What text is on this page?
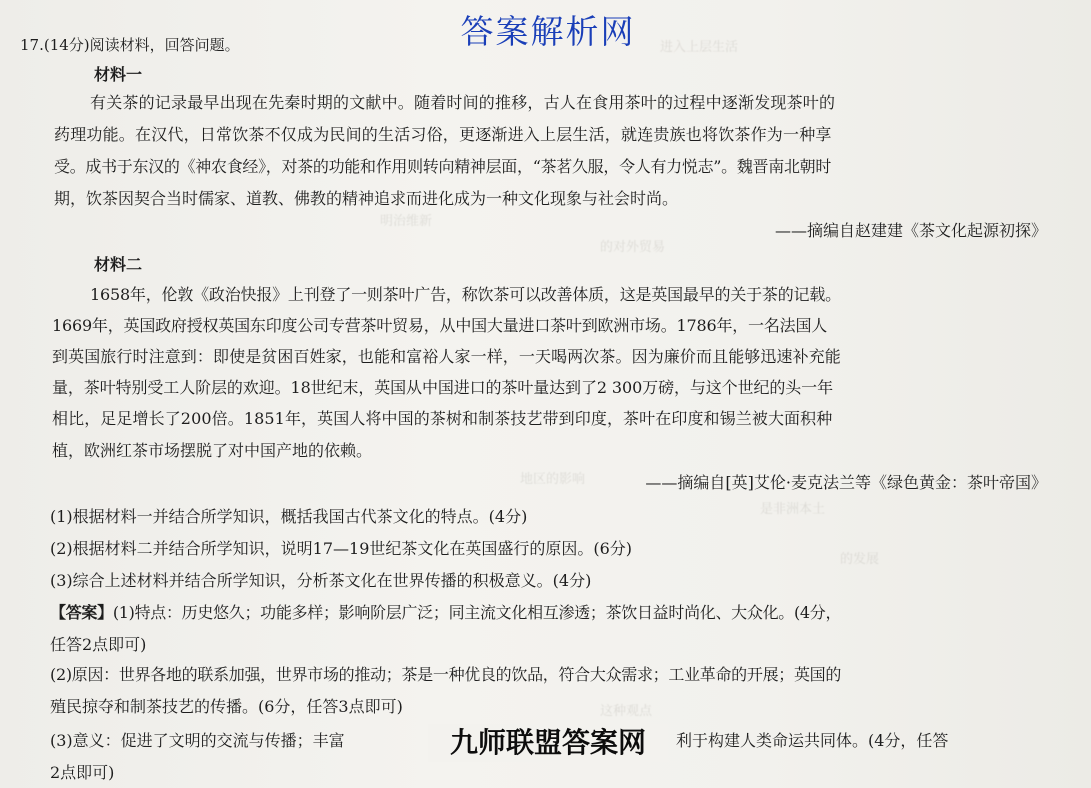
进入上层生活
明治维新
的对外贸易
地区的影响
是非洲本土
的发展
这种观点
17.(14分)阅读材料，回答问题。	答案解析网
材料一
有关茶的记录最早出现在先秦时期的文献中。随着时间的推移，古人在食用茶叶的过程中逐渐发现茶叶的
药理功能。在汉代，日常饮茶不仅成为民间的生活习俗，更逐渐进入上层生活，就连贵族也将饮茶作为一种享
受。成书于东汉的《神农食经》，对茶的功能和作用则转向精神层面，“茶茗久服，令人有力悦志”。魏晋南北朝时
期，饮茶因契合当时儒家、道教、佛教的精神追求而进化成为一种文化现象与社会时尚。
——摘编自赵建建《茶文化起源初探》
材料二
1658年，伦敦《政治快报》上刊登了一则茶叶广告，称饮茶可以改善体质，这是英国最早的关于茶的记载。
1669年，英国政府授权英国东印度公司专营茶叶贸易，从中国大量进口茶叶到欧洲市场。1786年，一名法国人
到英国旅行时注意到：即使是贫困百姓家，也能和富裕人家一样，一天喝两次茶。因为廉价而且能够迅速补充能
量，茶叶特别受工人阶层的欢迎。18世纪末，英国从中国进口的茶叶量达到了2 300万磅，与这个世纪的头一年
相比，足足增长了200倍。1851年，英国人将中国的茶树和制茶技艺带到印度，茶叶在印度和锡兰被大面积种
植，欧洲红茶市场摆脱了对中国产地的依赖。
——摘编自[英]艾伦·麦克法兰等《绿色黄金：茶叶帝国》
(1)根据材料一并结合所学知识，概括我国古代茶文化的特点。(4分)
(2)根据材料二并结合所学知识，说明17—19世纪茶文化在英国盛行的原因。(6分)
(3)综合上述材料并结合所学知识，分析茶文化在世界传播的积极意义。(4分)
【答案】(1)特点：历史悠久；功能多样；影响阶层广泛；同主流文化相互渗透；茶饮日益时尚化、大众化。(4分，
任答2点即可)
(2)原因：世界各地的联系加强，世界市场的推动；茶是一种优良的饮品，符合大众需求；工业革命的开展；英国的
殖民掠夺和制茶技艺的传播。(6分，任答3点即可)
(3)意义：促进了文明的交流与传播；丰富	利于构建人类命运共同体。(4分，任答
2点即可)
九师联盟答案网
